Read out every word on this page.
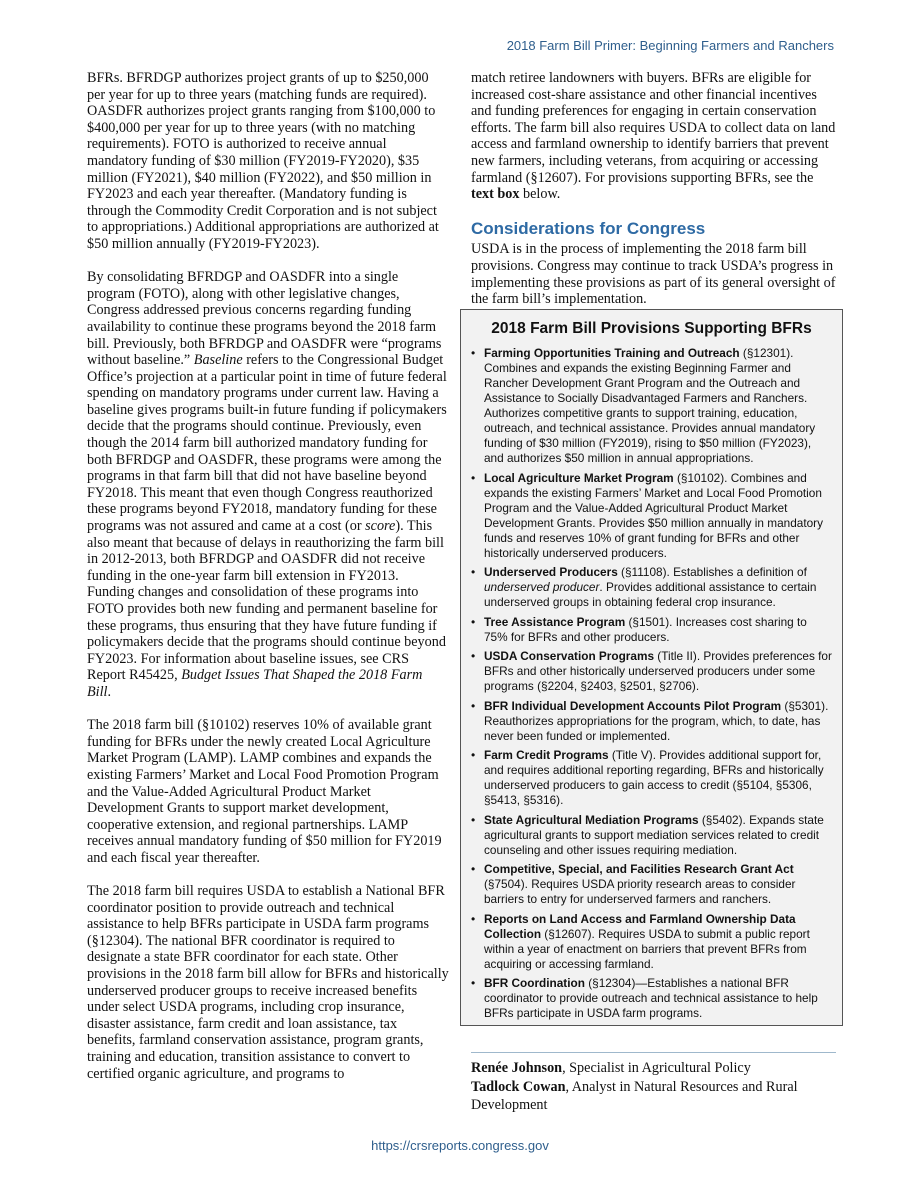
2018 Farm Bill Primer: Beginning Farmers and Ranchers

BFRs. BFRDGP authorizes project grants of up to $250,000 per year for up to three years (matching funds are required). OASDFR authorizes project grants ranging from $100,000 to $400,000 per year for up to three years (with no matching requirements). FOTO is authorized to receive annual mandatory funding of $30 million (FY2019-FY2020), $35 million (FY2021), $40 million (FY2022), and $50 million in FY2023 and each year thereafter. (Mandatory funding is through the Commodity Credit Corporation and is not subject to appropriations.) Additional appropriations are authorized at $50 million annually (FY2019-FY2023).

By consolidating BFRDGP and OASDFR into a single program (FOTO), along with other legislative changes, Congress addressed previous concerns regarding funding availability to continue these programs beyond the 2018 farm bill. Previously, both BFRDGP and OASDFR were “programs without baseline.” Baseline refers to the Congressional Budget Office’s projection at a particular point in time of future federal spending on mandatory programs under current law. Having a baseline gives programs built-in future funding if policymakers decide that the programs should continue. Previously, even though the 2014 farm bill authorized mandatory funding for both BFRDGP and OASDFR, these programs were among the programs in that farm bill that did not have baseline beyond FY2018. This meant that even though Congress reauthorized these programs beyond FY2018, mandatory funding for these programs was not assured and came at a cost (or score). This also meant that because of delays in reauthorizing the farm bill in 2012-2013, both BFRDGP and OASDFR did not receive funding in the one-year farm bill extension in FY2013. Funding changes and consolidation of these programs into FOTO provides both new funding and permanent baseline for these programs, thus ensuring that they have future funding if policymakers decide that the programs should continue beyond FY2023. For information about baseline issues, see CRS Report R45425, Budget Issues That Shaped the 2018 Farm Bill.

The 2018 farm bill (§10102) reserves 10% of available grant funding for BFRs under the newly created Local Agriculture Market Program (LAMP). LAMP combines and expands the existing Farmers’ Market and Local Food Promotion Program and the Value-Added Agricultural Product Market Development Grants to support market development, cooperative extension, and regional partnerships. LAMP receives annual mandatory funding of $50 million for FY2019 and each fiscal year thereafter.

The 2018 farm bill requires USDA to establish a National BFR coordinator position to provide outreach and technical assistance to help BFRs participate in USDA farm programs (§12304). The national BFR coordinator is required to designate a state BFR coordinator for each state. Other provisions in the 2018 farm bill allow for BFRs and historically underserved producer groups to receive increased benefits under select USDA programs, including crop insurance, disaster assistance, farm credit and loan assistance, tax benefits, farmland conservation assistance, program grants, training and education, transition assistance to convert to certified organic agriculture, and programs to

match retiree landowners with buyers. BFRs are eligible for increased cost-share assistance and other financial incentives and funding preferences for engaging in certain conservation efforts. The farm bill also requires USDA to collect data on land access and farmland ownership to identify barriers that prevent new farmers, including veterans, from acquiring or accessing farmland (§12607). For provisions supporting BFRs, see the text box below.

Considerations for Congress

USDA is in the process of implementing the 2018 farm bill provisions. Congress may continue to track USDA’s progress in implementing these provisions as part of its general oversight of the farm bill’s implementation.

2018 Farm Bill Provisions Supporting BFRs
• Farming Opportunities Training and Outreach (§12301). Combines and expands the existing Beginning Farmer and Rancher Development Grant Program and the Outreach and Assistance to Socially Disadvantaged Farmers and Ranchers. Authorizes competitive grants to support training, education, outreach, and technical assistance. Provides annual mandatory funding of $30 million (FY2019), rising to $50 million (FY2023), and authorizes $50 million in annual appropriations.
• Local Agriculture Market Program (§10102). Combines and expands the existing Farmers’ Market and Local Food Promotion Program and the Value-Added Agricultural Product Market Development Grants. Provides $50 million annually in mandatory funds and reserves 10% of grant funding for BFRs and other historically underserved producers.
• Underserved Producers (§11108). Establishes a definition of underserved producer. Provides additional assistance to certain underserved groups in obtaining federal crop insurance.
• Tree Assistance Program (§1501). Increases cost sharing to 75% for BFRs and other producers.
• USDA Conservation Programs (Title II). Provides preferences for BFRs and other historically underserved producers under some programs (§2204, §2403, §2501, §2706).
• BFR Individual Development Accounts Pilot Program (§5301). Reauthorizes appropriations for the program, which, to date, has never been funded or implemented.
• Farm Credit Programs (Title V). Provides additional support for, and requires additional reporting regarding, BFRs and historically underserved producers to gain access to credit (§5104, §5306, §5413, §5316).
• State Agricultural Mediation Programs (§5402). Expands state agricultural grants to support mediation services related to credit counseling and other issues requiring mediation.
• Competitive, Special, and Facilities Research Grant Act (§7504). Requires USDA priority research areas to consider barriers to entry for underserved farmers and ranchers.
• Reports on Land Access and Farmland Ownership Data Collection (§12607). Requires USDA to submit a public report within a year of enactment on barriers that prevent BFRs from acquiring or accessing farmland.
• BFR Coordination (§12304)—Establishes a national BFR coordinator to provide outreach and technical assistance to help BFRs participate in USDA farm programs.

Renée Johnson, Specialist in Agricultural Policy

Tadlock Cowan, Analyst in Natural Resources and Rural Development

https://crsreports.congress.gov
